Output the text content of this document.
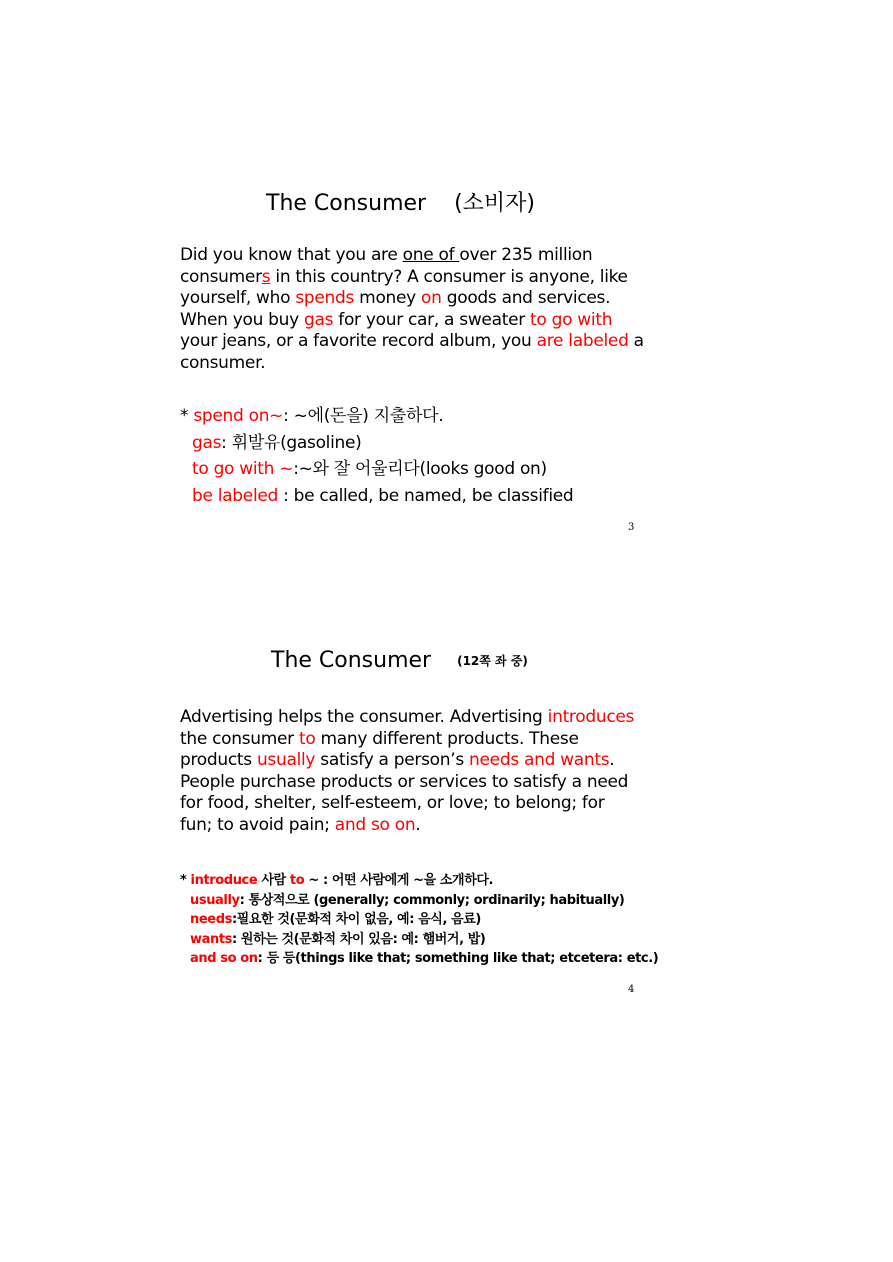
The Consumer (소비자)
Did you know that you are one of over 235 million consumers in this country? A consumer is anyone, like yourself, who spends money on goods and services. When you buy gas for your car, a sweater to go with your jeans, or a favorite record album, you are labeled a consumer.
* spend on~: ~에(돈을) 지출하다.
gas: 휘발유(gasoline)
to go with ~:~와 잘 어울리다(looks good on)
be labeled : be called, be named, be classified
3
The Consumer (12쪽 좌 중)
Advertising helps the consumer. Advertising introduces the consumer to many different products. These products usually satisfy a person’s needs and wants. People purchase products or services to satisfy a need for food, shelter, self-esteem, or love; to belong; for fun; to avoid pain; and so on.
* introduce 사람 to ~ : 어떤 사람에게 ~을 소개하다.
usually: 통상적으로 (generally; commonly; ordinarily; habitually)
needs:필요한 것(문화적 차이 없음, 예: 음식, 음료)
wants: 원하는 것(문화적 차이 있음: 예: 햄버거, 밥)
and so on: 등 등(things like that; something like that; etcetera: etc.)
4
